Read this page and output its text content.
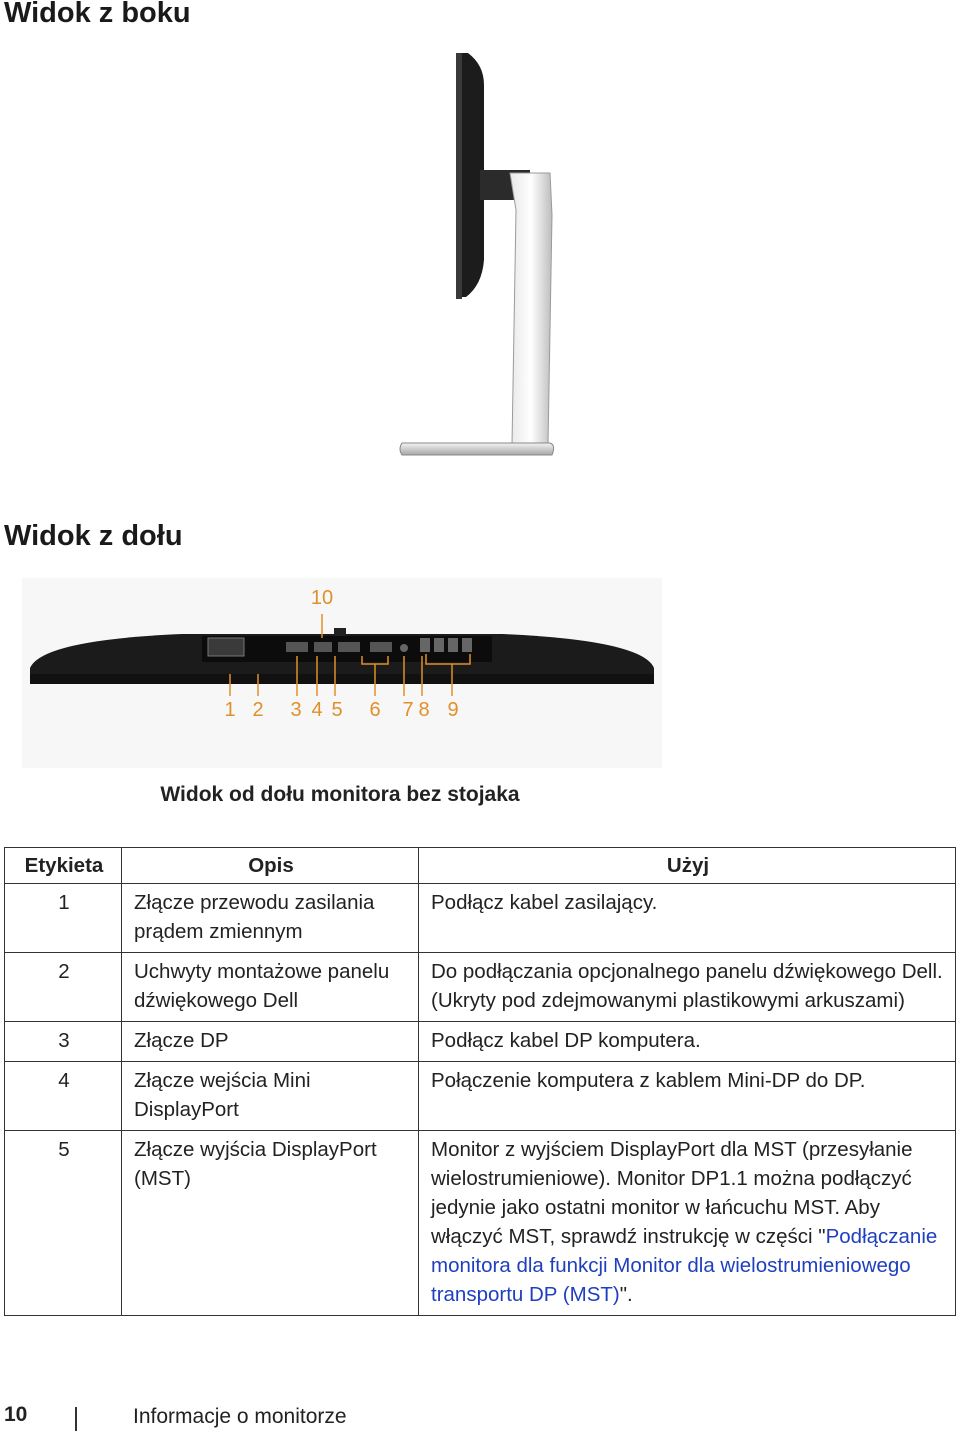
Widok z boku
Widok z dołu
10
1 2 3 4 5 6 7 8 9
Widok od dołu monitora bez stojaka
Etykieta	Opis	Użyj
1	Złącze przewodu zasilania prądem zmiennym	Podłącz kabel zasilający.
2	Uchwyty montażowe panelu dźwiękowego Dell	Do podłączania opcjonalnego panelu dźwiękowego Dell. (Ukryty pod zdejmowanymi plastikowymi arkuszami)
3	Złącze DP	Podłącz kabel DP komputera.
4	Złącze wejścia Mini DisplayPort	Połączenie komputera z kablem Mini-DP do DP.
5	Złącze wyjścia DisplayPort (MST)	Monitor z wyjściem DisplayPort dla MST (przesyłanie wielostrumieniowe). Monitor DP1.1 można podłączyć jedynie jako ostatni monitor w łańcuchu MST. Aby włączyć MST, sprawdź instrukcję w części "Podłączanie monitora dla funkcji Monitor dla wielostrumieniowego transportu DP (MST)".
10	Informacje o monitorze
